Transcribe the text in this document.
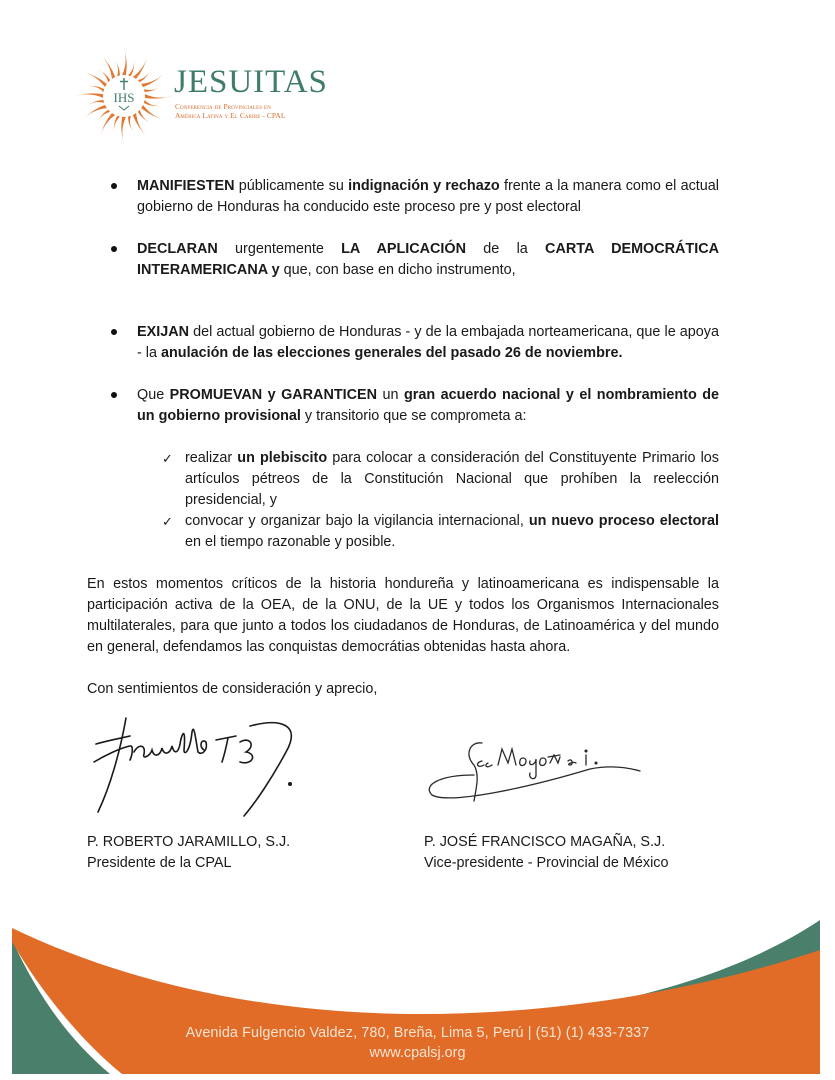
IHS JESUITAS
Conferencia de Provinciales en
América Latina y El Caribe - CPAL
MANIFIESTEN públicamente su indignación y rechazo frente a la manera como el actual gobierno de Honduras ha conducido este proceso pre y post electoral
DECLARAN urgentemente LA APLICACIÓN de la CARTA DEMOCRÁTICA INTERAMERICANA y que, con base en dicho instrumento,
EXIJAN del actual gobierno de Honduras - y de la embajada norteamericana, que le apoya - la anulación de las elecciones generales del pasado 26 de noviembre.
Que PROMUEVAN y GARANTICEN un gran acuerdo nacional y el nombramiento de un gobierno provisional y transitorio que se comprometa a:
✓ realizar un plebiscito para colocar a consideración del Constituyente Primario los artículos pétreos de la Constitución Nacional que prohíben la reelección presidencial, y
✓ convocar y organizar bajo la vigilancia internacional, un nuevo proceso electoral en el tiempo razonable y posible.
En estos momentos críticos de la historia hondureña y latinoamericana es indispensable la participación activa de la OEA, de la ONU, de la UE y todos los Organismos Internacionales multilaterales, para que junto a todos los ciudadanos de Honduras, de Latinoamérica y del mundo en general, defendamos las conquistas democrátias obtenidas hasta ahora.
Con sentimientos de consideración y aprecio,
P. ROBERTO JARAMILLO, S.J.
Presidente de la CPAL
P. JOSÉ FRANCISCO MAGAÑA, S.J.
Vice-presidente - Provincial de México
Avenida Fulgencio Valdez, 780, Breña, Lima 5, Perú | (51) (1) 433-7337
www.cpalsj.org
